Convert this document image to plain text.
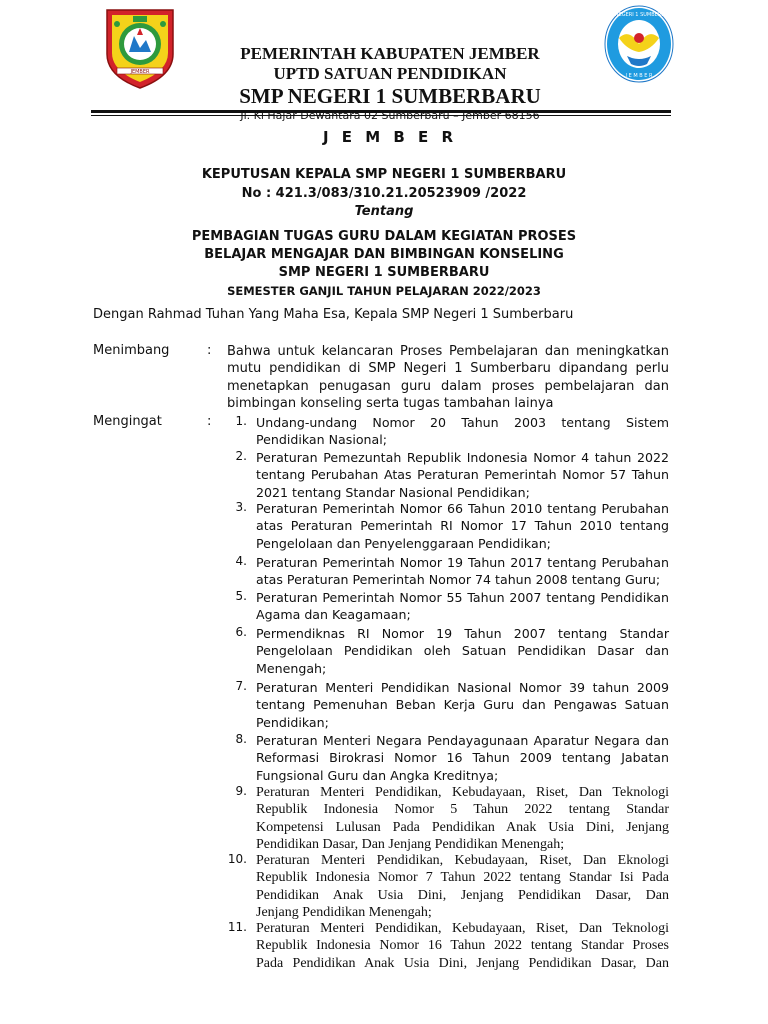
JEMBER
SMP NEGERI 1 SUMBERBARU
J E M B E R
PEMERINTAH KABUPATEN JEMBER
UPTD SATUAN PENDIDIKAN
SMP NEGERI 1 SUMBERBARU
Jl. Ki Hajar Dewantara 02 Sumberbaru – Jember 68156
J E M B E R
KEPUTUSAN KEPALA SMP NEGERI 1 SUMBERBARU
No : 421.3/083/310.21.20523909 /2022
Tentang
PEMBAGIAN TUGAS GURU DALAM KEGIATAN PROSES
BELAJAR MENGAJAR DAN BIMBINGAN KONSELING
SMP NEGERI 1 SUMBERBARU
SEMESTER GANJIL TAHUN PELAJARAN 2022/2023
Dengan Rahmad Tuhan Yang Maha Esa, Kepala SMP Negeri 1 Sumberbaru
Menimbang	: Bahwa untuk kelancaran Proses Pembelajaran dan meningkatkan
mutu pendidikan di SMP Negeri 1 Sumberbaru dipandang perlu
menetapkan penugasan guru dalam proses pembelajaran dan
bimbingan konseling serta tugas tambahan lainya
Mengingat	:	1. Undang-undang Nomor 20 Tahun 2003 tentang Sistem
Pendidikan Nasional;
2. Peraturan Pemezuntah Republik Indonesia Nomor 4 tahun 2022
tentang Perubahan Atas Peraturan Pemerintah Nomor 57 Tahun
2021 tentang Standar Nasional Pendidikan;
3. Peraturan Pemerintah Nomor 66 Tahun 2010 tentang Perubahan
atas Peraturan Pemerintah RI Nomor 17 Tahun 2010 tentang
Pengelolaan dan Penyelenggaraan Pendidikan;
4. Peraturan Pemerintah Nomor 19 Tahun 2017 tentang Perubahan
atas Peraturan Pemerintah Nomor 74 tahun 2008 tentang Guru;
5. Peraturan Pemerintah Nomor 55 Tahun 2007 tentang Pendidikan
Agama dan Keagamaan;
6. Permendiknas RI Nomor 19 Tahun 2007 tentang Standar
Pengelolaan Pendidikan oleh Satuan Pendidikan Dasar dan
Menengah;
7. Peraturan Menteri Pendidikan Nasional Nomor 39 tahun 2009
tentang Pemenuhan Beban Kerja Guru dan Pengawas Satuan
Pendidikan;
8. Peraturan Menteri Negara Pendayagunaan Aparatur Negara dan
Reformasi Birokrasi Nomor 16 Tahun 2009 tentang Jabatan
Fungsional Guru dan Angka Kreditnya;
9. Peraturan Menteri Pendidikan, Kebudayaan, Riset, Dan Teknologi
Republik Indonesia Nomor 5 Tahun 2022 tentang Standar
Kompetensi Lulusan Pada Pendidikan Anak Usia Dini, Jenjang
Pendidikan Dasar, Dan Jenjang Pendidikan Menengah;
10. Peraturan Menteri Pendidikan, Kebudayaan, Riset, Dan Eknologi
Republik Indonesia Nomor 7 Tahun 2022 tentang Standar Isi Pada
Pendidikan Anak Usia Dini, Jenjang Pendidikan Dasar, Dan
Jenjang Pendidikan Menengah;
11. Peraturan Menteri Pendidikan, Kebudayaan, Riset, Dan Teknologi
Republik Indonesia Nomor 16 Tahun 2022 tentang Standar Proses
Pada Pendidikan Anak Usia Dini, Jenjang Pendidikan Dasar, Dan
